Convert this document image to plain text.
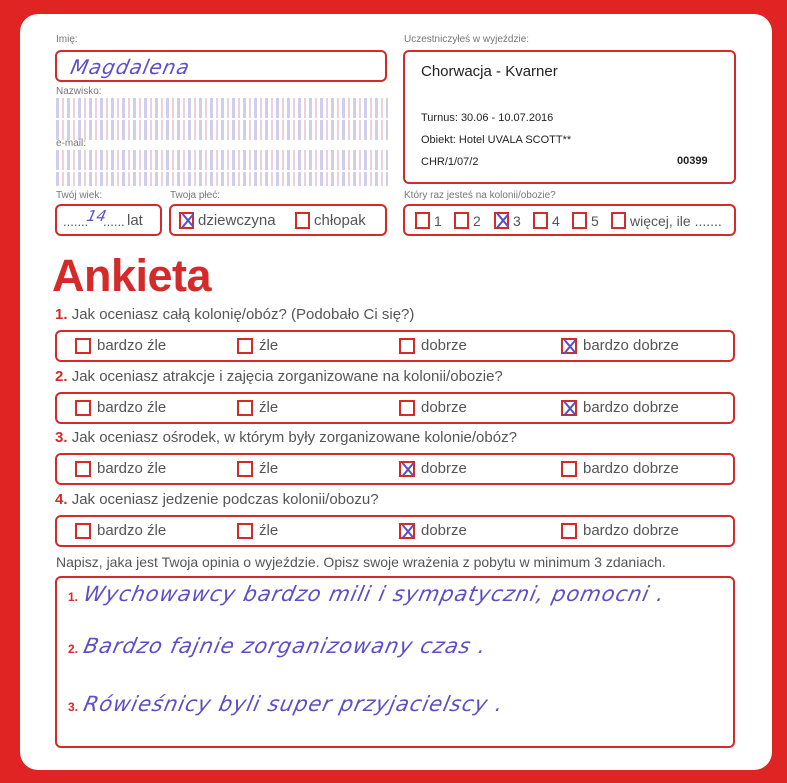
Imię:
Magdalena
Nazwisko:
e-mail:
Twój wiek:
.......
14
...... lat
Twoja płeć:
dziewczyna	chłopak
Uczestniczyłeś w wyjeździe:
Chorwacja - Kvarner
Turnus: 30.06 - 10.07.2016
Obiekt: Hotel UVALA SCOTT**
CHR/1/07/2	00399
Który raz jesteś na kolonii/obozie?
1 2 3 4 5 więcej, ile .......
Ankieta
1. Jak oceniasz całą kolonię/obóz? (Podobało Ci się?)
bardzo źle	źle	dobrze	bardzo dobrze
2. Jak oceniasz atrakcje i zajęcia zorganizowane na kolonii/obozie?
bardzo źle	źle	dobrze	bardzo dobrze
3. Jak oceniasz ośrodek, w którym były zorganizowane kolonie/obóz?
bardzo źle	źle	dobrze	bardzo dobrze
4. Jak oceniasz jedzenie podczas kolonii/obozu?
bardzo źle	źle	dobrze	bardzo dobrze
Napisz, jaka jest Twoja opinia o wyjeździe. Opisz swoje wrażenia z pobytu w minimum 3 zdaniach.
1. Wychowawcy bardzo mili i sympatyczni, pomocni .
2. Bardzo fajnie zorganizowany czas .
3. Rówieśnicy byli super przyjacielscy .
